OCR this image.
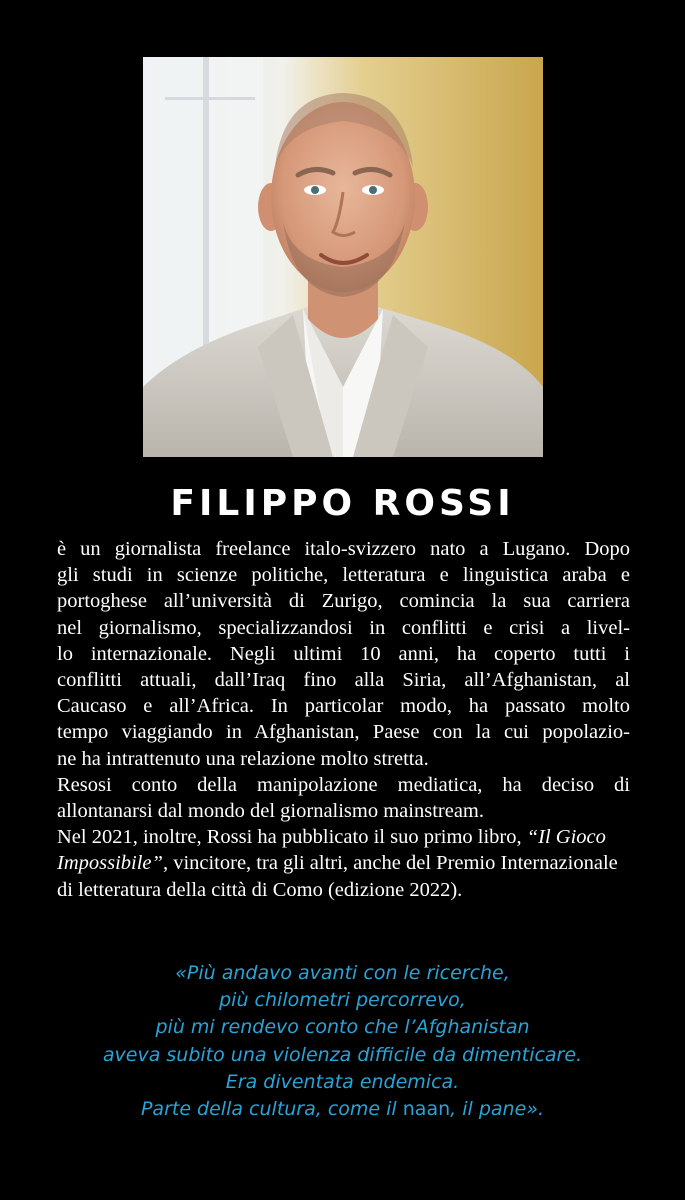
FILIPPO ROSSI
è un giornalista freelance italo-svizzero nato a Lugano. Dopo
gli studi in scienze politiche, letteratura e linguistica araba e
portoghese all’università di Zurigo, comincia la sua carriera
nel giornalismo, specializzandosi in conflitti e crisi a livel-
lo internazionale. Negli ultimi 10 anni, ha coperto tutti i
conflitti attuali, dall’Iraq fino alla Siria, all’Afghanistan, al
Caucaso e all’Africa. In particolar modo, ha passato molto
tempo viaggiando in Afghanistan, Paese con la cui popolazio-
ne ha intrattenuto una relazione molto stretta.
Resosi conto della manipolazione mediatica, ha deciso di
allontanarsi dal mondo del giornalismo mainstream.
Nel 2021, inoltre, Rossi ha pubblicato il suo primo libro, “Il Gioco
Impossibile”, vincitore, tra gli altri, anche del Premio Internazionale
di letteratura della città di Como (edizione 2022).
«Più andavo avanti con le ricerche,
più chilometri percorrevo,
più mi rendevo conto che l’Afghanistan
aveva subito una violenza difficile da dimenticare.
Era diventata endemica.
Parte della cultura, come il naan, il pane».
